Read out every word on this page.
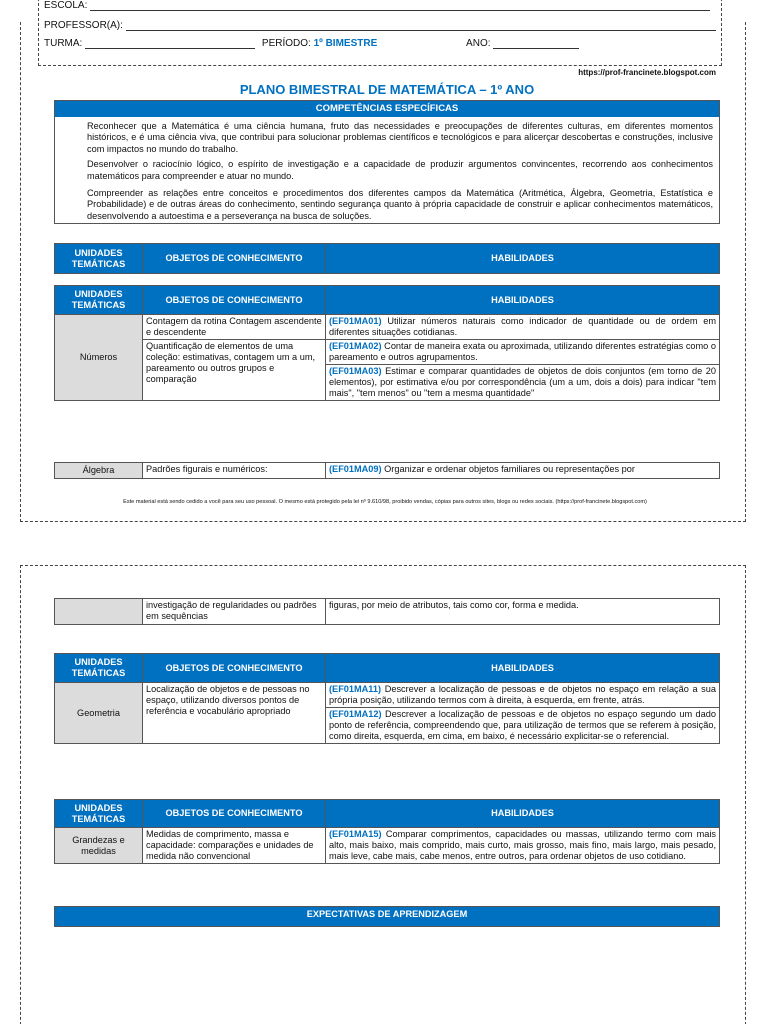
ESCOLA:
PROFESSOR(A):
TURMA:	PERÍODO: 1º BIMESTRE	ANO:
https://prof-francinete.blogspot.com
PLANO BIMESTRAL DE MATEMÁTICA – 1º ANO
COMPETÊNCIAS ESPECÍFICAS
Reconhecer que a Matemática é uma ciência humana, fruto das necessidades e preocupações de diferentes culturas, em diferentes momentos históricos, e é uma ciência viva, que contribui para solucionar problemas científicos e tecnológicos e para alicerçar descobertas e construções, inclusive com impactos no mundo do trabalho.
Desenvolver o raciocínio lógico, o espírito de investigação e a capacidade de produzir argumentos convincentes, recorrendo aos conhecimentos matemáticos para compreender e atuar no mundo.
Compreender as relações entre conceitos e procedimentos dos diferentes campos da Matemática (Aritmética, Álgebra, Geometria, Estatística e Probabilidade) e de outras áreas do conhecimento, sentindo segurança quanto à própria capacidade de construir e aplicar conhecimentos matemáticos, desenvolvendo a autoestima e a perseverança na busca de soluções.
UNIDADES TEMÁTICAS	OBJETOS DE CONHECIMENTO	HABILIDADES
UNIDADES TEMÁTICAS	OBJETOS DE CONHECIMENTO	HABILIDADES
Números	Contagem da rotina Contagem ascendente e descendente	(EF01MA01) Utilizar números naturais como indicador de quantidade ou de ordem em diferentes situações cotidianas.
	Quantificação de elementos de uma coleção: estimativas, contagem um a um, pareamento ou outros grupos e comparação	(EF01MA02) Contar de maneira exata ou aproximada, utilizando diferentes estratégias como o pareamento e outros agrupamentos.
		(EF01MA03) Estimar e comparar quantidades de objetos de dois conjuntos (em torno de 20 elementos), por estimativa e/ou por correspondência (um a um, dois a dois) para indicar "tem mais", "tem menos" ou "tem a mesma quantidade"
Álgebra	Padrões figurais e numéricos:	(EF01MA09) Organizar e ordenar objetos familiares ou representações por
Este material está sendo cedido a você para seu uso pessoal. O mesmo está protegido pela lei nº 9.610/98, proibido vendas, cópias para outros sites, blogs ou redes sociais. (https://prof-francinete.blogspot.com)
	investigação de regularidades ou padrões em sequências	figuras, por meio de atributos, tais como cor, forma e medida.
UNIDADES TEMÁTICAS	OBJETOS DE CONHECIMENTO	HABILIDADES
Geometria	Localização de objetos e de pessoas no espaço, utilizando diversos pontos de referência e vocabulário apropriado	(EF01MA11) Descrever a localização de pessoas e de objetos no espaço em relação a sua própria posição, utilizando termos com à direita, à esquerda, em frente, atrás.
		(EF01MA12) Descrever a localização de pessoas e de objetos no espaço segundo um dado ponto de referência, compreendendo que, para utilização de termos que se referem à posição, como direita, esquerda, em cima, em baixo, é necessário explicitar-se o referencial.
UNIDADES TEMÁTICAS	OBJETOS DE CONHECIMENTO	HABILIDADES
Grandezas e medidas	Medidas de comprimento, massa e capacidade: comparações e unidades de medida não convencional	(EF01MA15) Comparar comprimentos, capacidades ou massas, utilizando termo com mais alto, mais baixo, mais comprido, mais curto, mais grosso, mais fino, mais largo, mais pesado, mais leve, cabe mais, cabe menos, entre outros, para ordenar objetos de uso cotidiano.
EXPECTATIVAS DE APRENDIZAGEM
